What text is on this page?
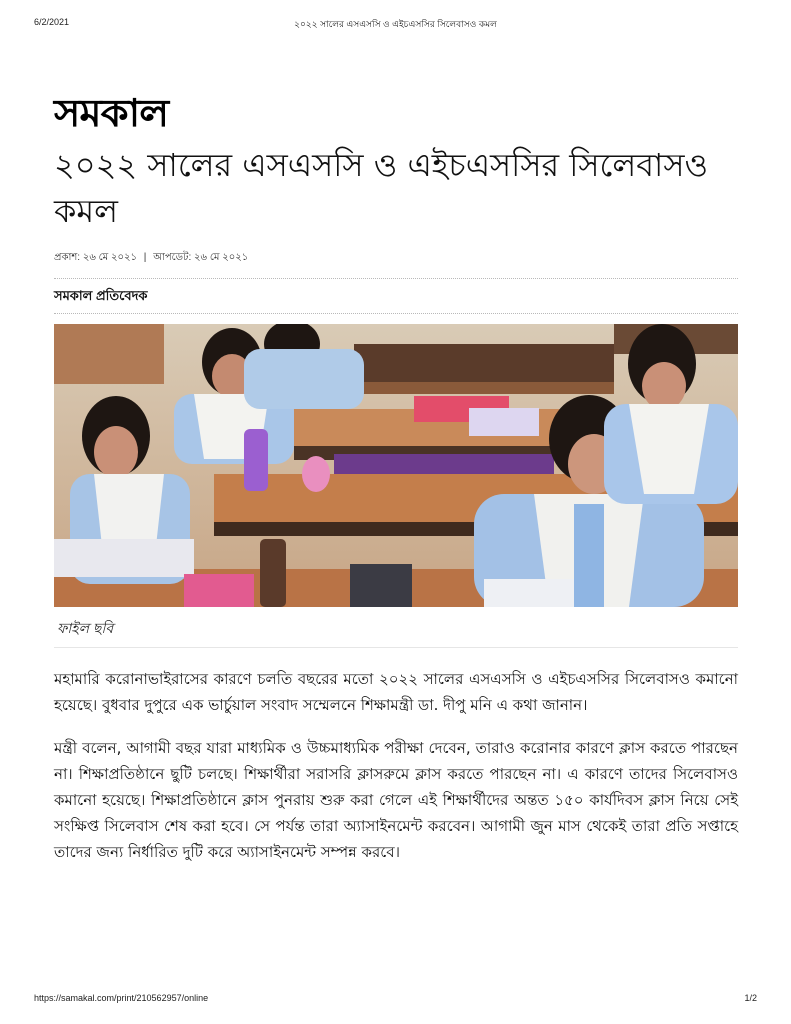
6/2/2021	২০২২ সালের এসএসসি ও এইচএসসির সিলেবাসও কমল
সমকাল
২০২২ সালের এসএসসি ও এইচএসসির সিলেবাসও কমল
প্রকাশ: ২৬ মে ২০২১ | আপডেট: ২৬ মে ২০২১
সমকাল প্রতিবেদক
ফাইল ছবি

মহামারি করোনাভাইরাসের কারণে চলতি বছরের মতো ২০২২ সালের এসএসসি ও এইচএসসির সিলেবাসও কমানো হয়েছে। বুধবার দুপুরে এক ভার্চুয়াল সংবাদ সম্মেলনে শিক্ষামন্ত্রী ডা. দীপু মনি এ কথা জানান।

মন্ত্রী বলেন, আগামী বছর যারা মাধ্যমিক ও উচ্চমাধ্যমিক পরীক্ষা দেবেন, তারাও করোনার কারণে ক্লাস করতে পারছেন না। শিক্ষাপ্রতিষ্ঠানে ছুটি চলছে। শিক্ষার্থীরা সরাসরি ক্লাসরুমে ক্লাস করতে পারছেন না। এ কারণে তাদের সিলেবাসও কমানো হয়েছে। শিক্ষাপ্রতিষ্ঠানে ক্লাস পুনরায় শুরু করা গেলে এই শিক্ষার্থীদের অন্তত ১৫০ কার্যদিবস ক্লাস নিয়ে সেই সংক্ষিপ্ত সিলেবাস শেষ করা হবে। সে পর্যন্ত তারা অ্যাসাইনমেন্ট করবেন। আগামী জুন মাস থেকেই তারা প্রতি সপ্তাহে তাদের জন্য নির্ধারিত দুটি করে অ্যাসাইনমেন্ট সম্পন্ন করবে।

https://samakal.com/print/210562957/online	1/2
